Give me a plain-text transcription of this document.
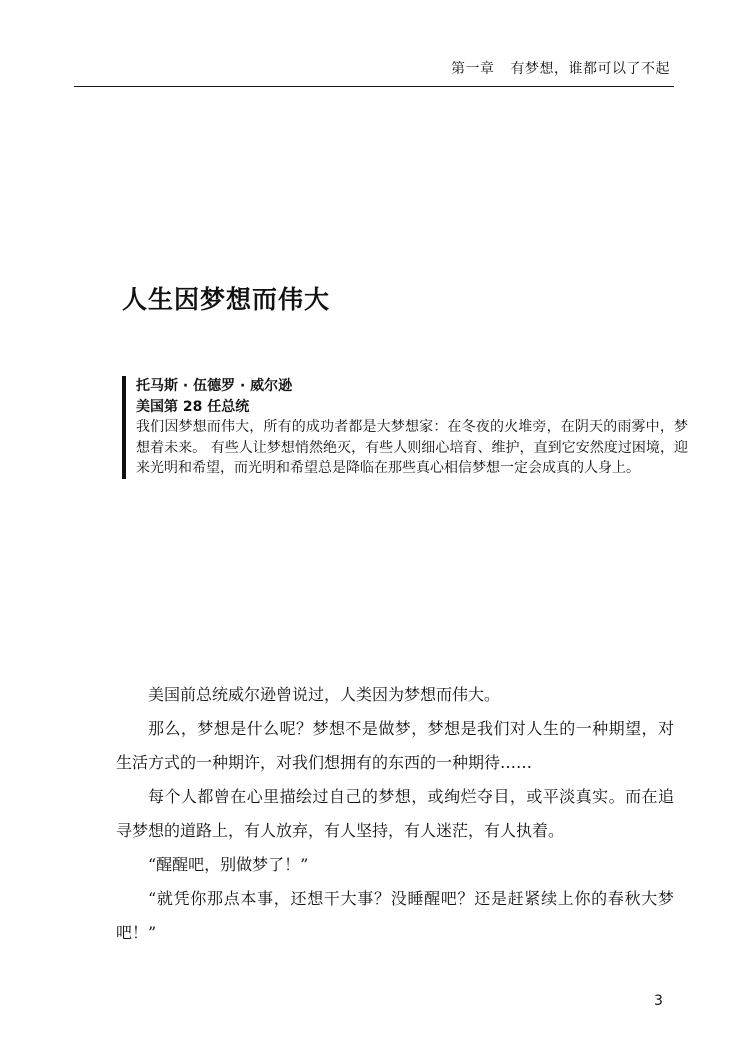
第一章 有梦想，谁都可以了不起
人生因梦想而伟大
托马斯 · 伍德罗 · 威尔逊
美国第 28 任总统
我们因梦想而伟大，所有的成功者都是大梦想家：在冬夜的火堆旁，在阴天的雨雾中，梦想着未来。 有些人让梦想悄然绝灭，有些人则细心培育、维护，直到它安然度过困境，迎来光明和希望，而光明和希望总是降临在那些真心相信梦想一定会成真的人身上。

美国前总统威尔逊曾说过，人类因为梦想而伟大。

那么，梦想是什么呢？梦想不是做梦，梦想是我们对人生的一种期望，对生活方式的一种期许，对我们想拥有的东西的一种期待……

每个人都曾在心里描绘过自己的梦想，或绚烂夺目，或平淡真实。而在追寻梦想的道路上，有人放弃，有人坚持，有人迷茫，有人执着。

“醒醒吧，别做梦了！”

“就凭你那点本事，还想干大事？没睡醒吧？还是赶紧续上你的春秋大梦吧！”

3
